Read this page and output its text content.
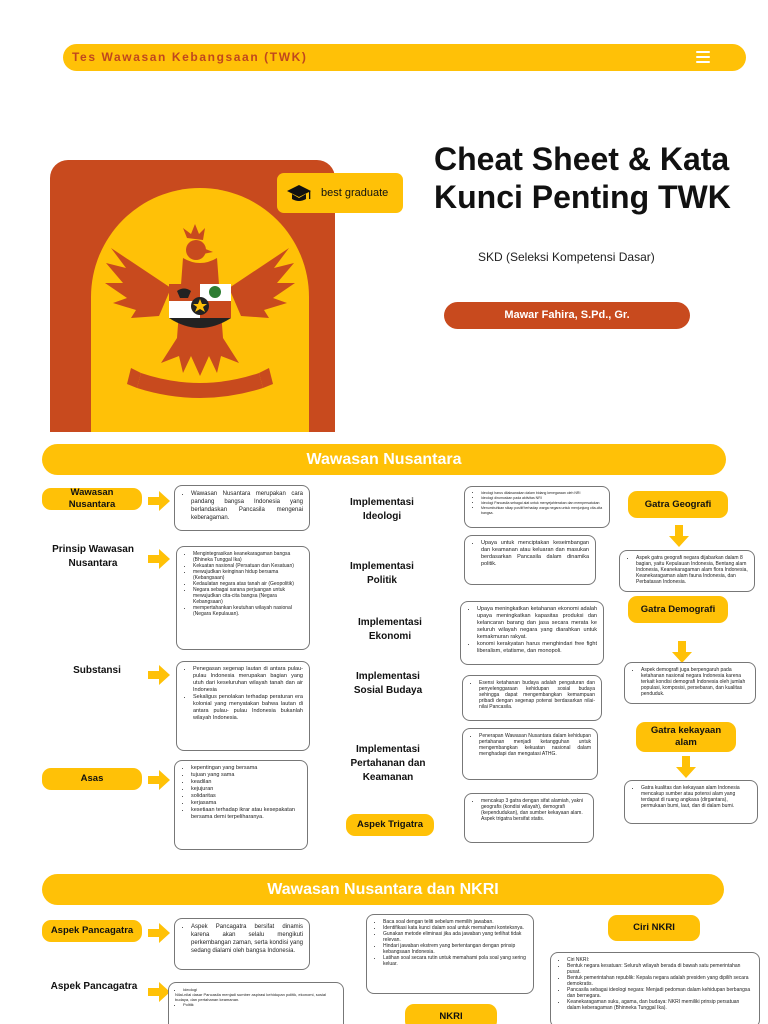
Tes Wawasan Kebangsaan (TWK)
best graduate
Cheat Sheet & Kata
Kunci Penting TWK
SKD (Seleksi Kompetensi Dasar)
Mawar Fahira, S.Pd., Gr.
Wawasan Nusantara
Wawasan Nusantara
• Wawasan Nusantara merupakan cara pandang bangsa Indonesia yang berlandaskan Pancasila mengenai keberagaman.
Prinsip Wawasan Nusantara
• Mengintegrasikan keanekaragaman bangsa (Bhineka Tunggal Ika)
• Kekuatan nasional (Persatuan dan Kesatuan)
• mewujudkan keinginan hidup bersama (Kebangsaan)
• Kedaulatan negara atas tanah air (Geopolitik)
• Negara sebagai sarana perjuangan untuk mewujudkan cita-cita bangsa (Negara Kebangsaan)
• mempertahankan keutuhan wilayah nasional (Negara Kepulauan).
Substansi	• Penegasan segenap lautan di antara pulau-pulau Indonesia merupakan bagian yang utuh dari keseluruhan wilayah tanah dan air Indonesia
• Sekaligus penolakan terhadap peraturan era kolonial yang menyatakan bahwa lautan di antara pulau- pulau Indonesia bukanlah wilayah Indonesia.
Asas
• kepentingan yang bersama
• tujuan yang sama
• keadilan
• kejujuran
• solidaritas
• kerjasama
• kesetiaan terhadap ikrar atau kesepakatan bersama demi terpeliharanya.
Implementasi Ideologi
• Ideologi harus dilaksanakan dalam bidang kenegaraan oleh NRI
• Ideologi dirumuskan pada aktivitas NRI
• Ideologi Pancasila sebagai alat untuk menyejahterakan dan mempersatukan
• Menumbuhkan sikap positif terhadap warga negara untuk menjunjung cita-cita bangsa.
Implementasi Politik
• Upaya untuk menciptakan keseimbangan dan keamanan atau keluaran dan masukan berdasarkan Pancasila dalam dinamika politik.
Implementasi Ekonomi
• Upaya meningkatkan ketahanan ekonomi adalah upaya meningkatkan kapasitas produksi dan kelancaran barang dan jasa secara merata ke seluruh wilayah negara yang diarahkan untuk kemakmuran rakyat.
• konomi kerakyatan harus menghindari free fight liberalism, etatisme, dan monopoli.
Implementasi Sosial Budaya
• Esensi ketahanan budaya adalah pengaturan dan penyelenggaraan kehidupan sosial budaya sehingga dapat mengembangkan kemampuan pribadi dengan segenap potensi berdasarkan nilai-nilai Pancasila.
Implementasi Pertahanan dan Keamanan
• Penerapan Wawasan Nusantara dalam kehidupan pertahanan menjadi ketangguhan untuk mengembangkan kekuatan nasional dalam menghadapi dan mengatasi ATHG.
Aspek Trigatra
• mencakup 3 gatra dengan sifat alamiah, yakni geografis (kondisi wilayah), demografi (kependudukan), dan sumber kekayaan alam. Aspek trigatra bersifat statis.
Gatra Geografi
• Aspek gatra geografi negara dijabarkan dalam 8 bagian, yaitu Kepulauan Indonesia, Bentang alam Indonesia, Keanekaragaman alam flora Indonesia, Keanekaragaman alam fauna Indonesia, dan Perbatasan Indonesia.
Gatra Demografi
• Aspek demografi juga berpengaruh pada ketahanan nasional negara Indonesia karena terkait kondisi demografi Indonesia oleh jumlah populasi, komposisi, persebaran, dan kualitas penduduk.
Gatra kekayaan alam
• Gatra kualitas dan kekayaan alam Indonesia mencakup sumber atau potensi alam yang terdapat di ruang angkasa (dirgantara), permukaan bumi, laut, dan di dalam bumi.
Wawasan Nusantara dan NKRI
Aspek Pancagatra	• Aspek Pancagatra bersifat dinamis karena akan selalu mengikuti perkembangan zaman, serta kondisi yang sedang dialami oleh bangsa Indonesia.
Aspek Pancagatra	• Ideologi

Nilai-nilai dasar Pancasila menjadi sumber aspirasi kehidupan politik, ekonomi, sosial budaya, dan pertahanan keamanan.

• Politik
• Baca soal dengan teliti sebelum memilih jawaban.
• Identifikasi kata kunci dalam soal untuk memahami konteksnya.
• Gunakan metode eliminasi jika ada jawaban yang terlihat tidak relevan.
• Hindari jawaban ekstrem yang bertentangan dengan prinsip kebangsaan Indonesia.
• Latihan soal secara rutin untuk memahami pola soal yang sering keluar.
NKRI
Ciri NKRI
• Ciri NKRI:
• Bentuk negara kesatuan: Seluruh wilayah berada di bawah satu pemerintahan pusat.
• Bentuk pemerintahan republik: Kepala negara adalah presiden yang dipilih secara demokratis.
• Pancasila sebagai ideologi negara: Menjadi pedoman dalam kehidupan berbangsa dan bernegara.
• Keanekaragaman suku, agama, dan budaya: NKRI memiliki prinsip persatuan dalam keberagaman (Bhinneka Tunggal Ika).
